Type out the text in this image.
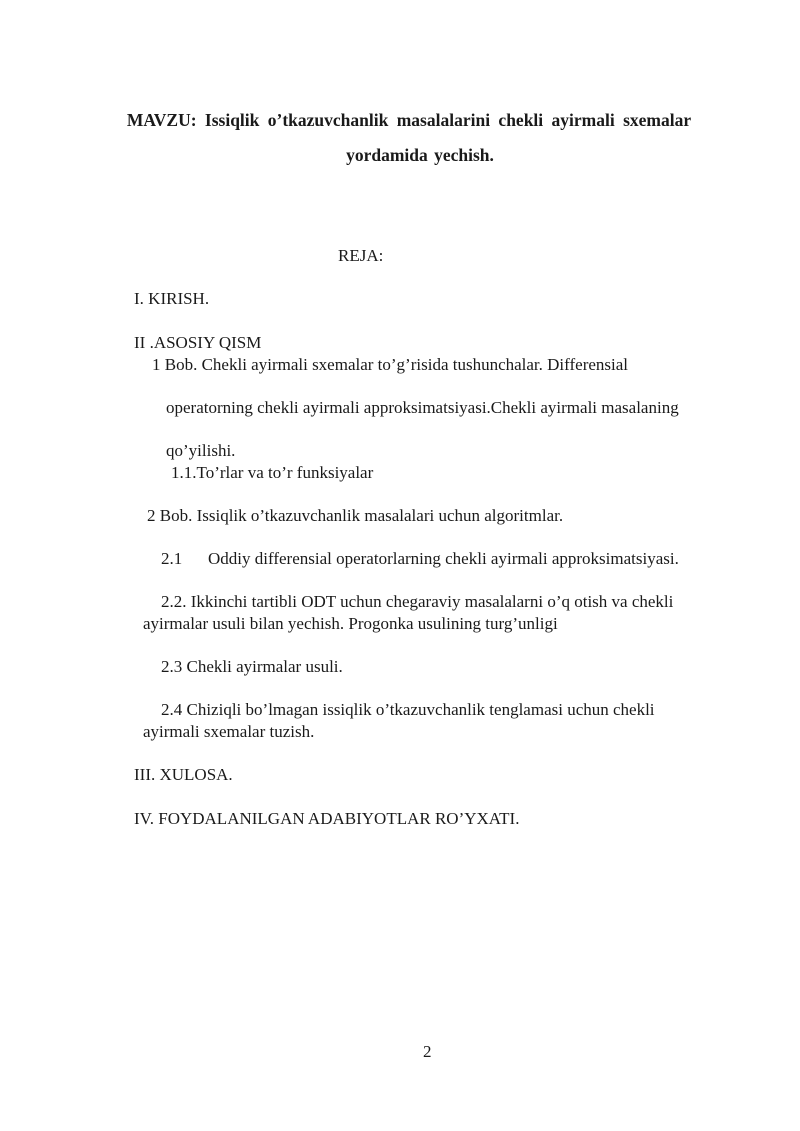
MAVZU: Issiqlik o’tkazuvchanlik masalalarini chekli ayirmali sxemalar
yordamida yechish.
REJA:
I. KIRISH.
II .ASOSIY QISM
1 Bob. Chekli ayirmali sxemalar to’g’risida tushunchalar. Differensial
operatorning chekli ayirmali approksimatsiyasi.Chekli ayirmali masalaning
qo’yilishi.
1.1.To’rlar va to’r funksiyalar
2 Bob. Issiqlik o’tkazuvchanlik masalalari uchun algoritmlar.
2.1 Oddiy differensial operatorlarning chekli ayirmali approksimatsiyasi.
2.2. Ikkinchi tartibli ODT uchun chegaraviy masalalarni o’q otish va chekli
ayirmalar usuli bilan yechish. Progonka usulining turg’unligi
2.3 Chekli ayirmalar usuli.
2.4 Chiziqli bo’lmagan issiqlik o’tkazuvchanlik tenglamasi uchun chekli
ayirmali sxemalar tuzish.
III. XULOSA.
IV. FOYDALANILGAN ADABIYOTLAR RO’YXATI.
2
